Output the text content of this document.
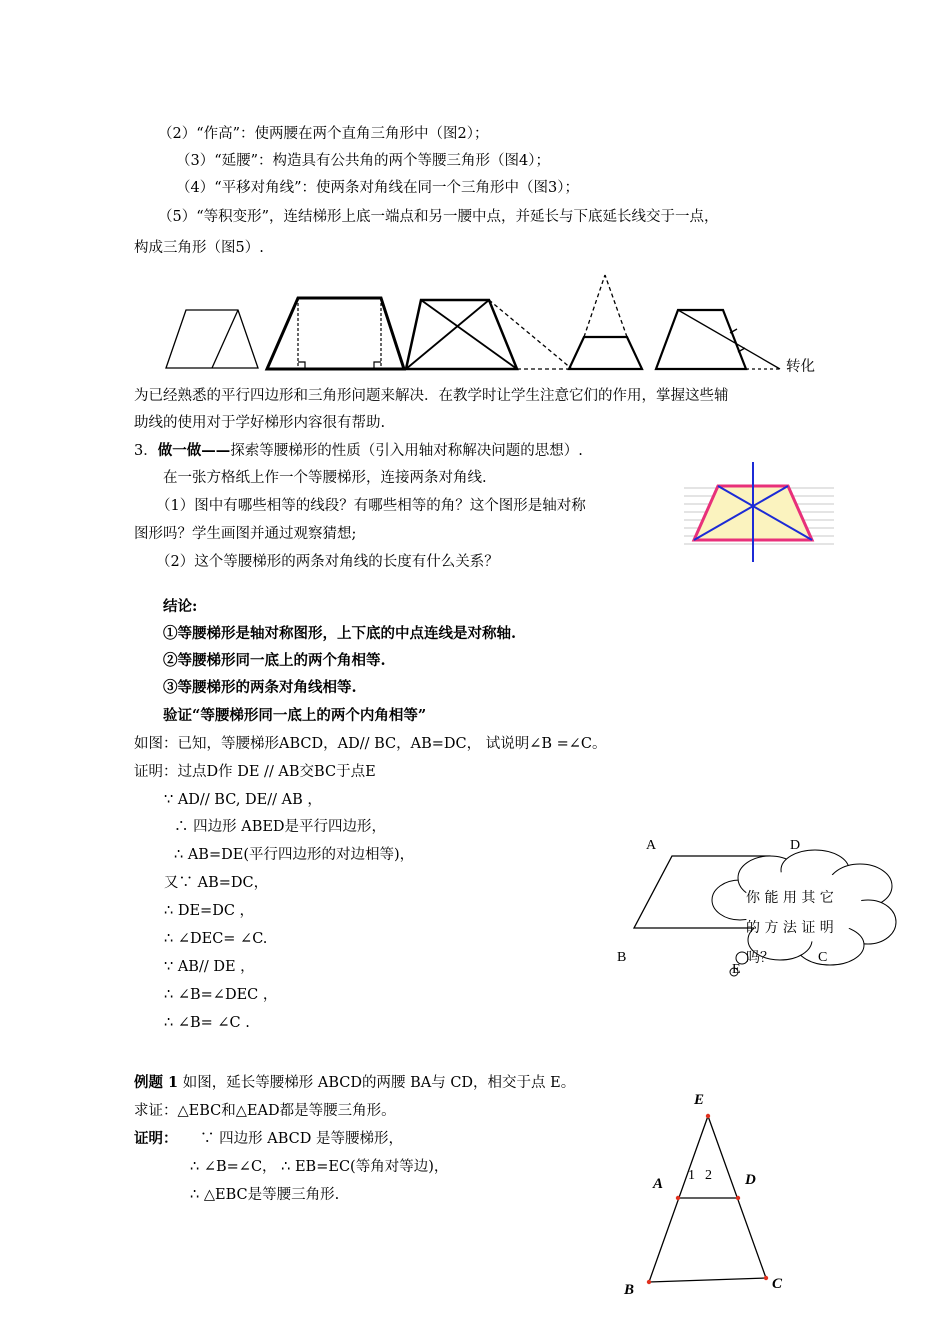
（2）“作高”：使两腰在两个直角三角形中（图2）；
（3）“延腰”：构造具有公共角的两个等腰三角形（图4）；
（4）“平移对角线”：使两条对角线在同一个三角形中（图3）；
（5）“等积变形”，连结梯形上底一端点和另一腰中点，并延长与下底延长线交于一点，
构成三角形（图5）.
转化
为已经熟悉的平行四边形和三角形问题来解决．在教学时让学生注意它们的作用，掌握这些辅
助线的使用对于学好梯形内容很有帮助.
3．做一做——探索等腰梯形的性质（引入用轴对称解决问题的思想）.
在一张方格纸上作一个等腰梯形，连接两条对角线.
（1）图中有哪些相等的线段？有哪些相等的角？这个图形是轴对称
图形吗？学生画图并通过观察猜想;
（2）这个等腰梯形的两条对角线的长度有什么关系？
结论:
①等腰梯形是轴对称图形，上下底的中点连线是对称轴.
②等腰梯形同一底上的两个角相等.
③等腰梯形的两条对角线相等.
验证“等腰梯形同一底上的两个内角相等”
如图：已知，等腰梯形ABCD，AD// BC，AB=DC， 试说明∠B =∠C。
证明：过点D作 DE // AB交BC于点E
∵ AD// BC, DE// AB ，
∴ 四边形 ABED是平行四边形，
∴ AB=DE(平行四边形的对边相等)，
又∵ AB=DC，
∴ DE=DC ，
∴ ∠DEC= ∠C.
∵ AB// DE ，
∴ ∠B=∠DEC ，
∴ ∠B= ∠C .
A	D
B	C
E
你 能 用 其 它
的 方 法 证 明
吗？
例题 1 如图，延长等腰梯形 ABCD的两腰 BA与 CD，相交于点 E。
求证：△EBC和△EAD都是等腰三角形。
证明： ∵ 四边形 ABCD 是等腰梯形，
∴ ∠B=∠C， ∴ EB=EC(等角对等边)，
∴ △EBC是等腰三角形.
E
A	D
B	C
1 2
